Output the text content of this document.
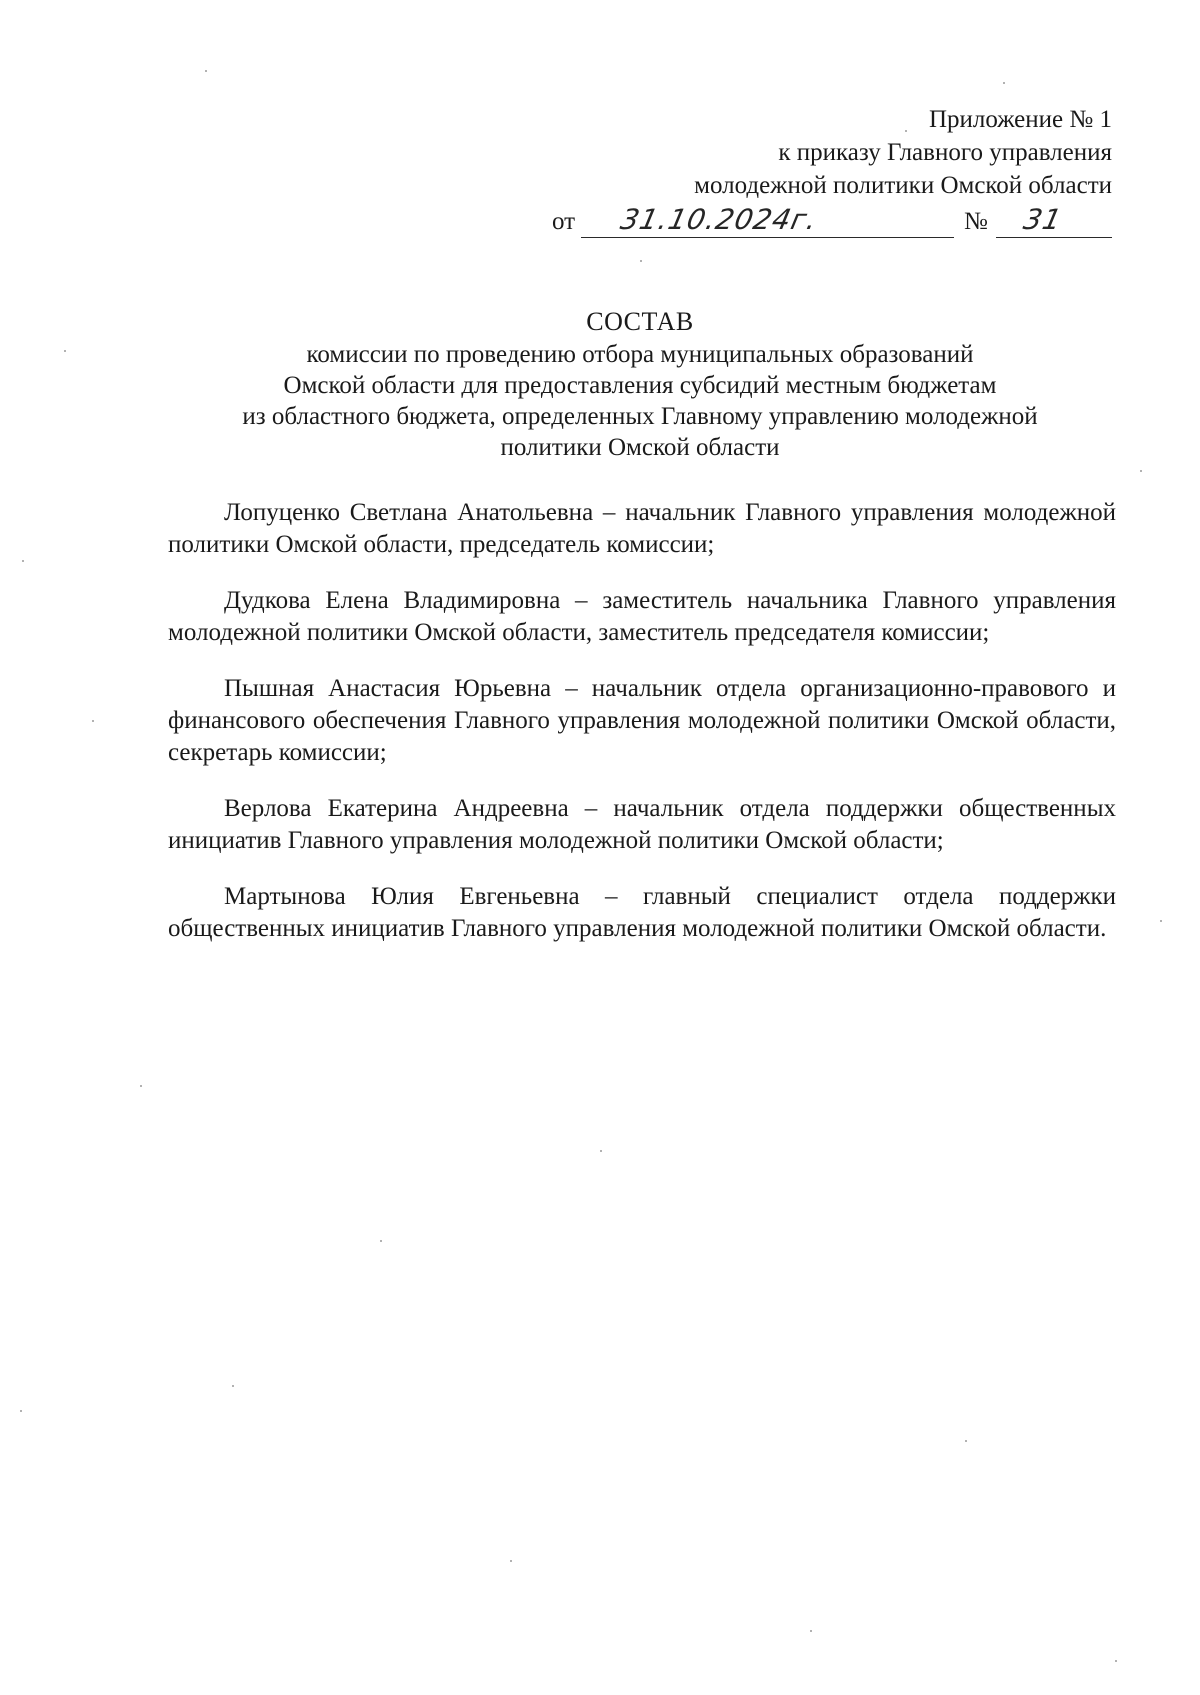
Приложение № 1
к приказу Главного управления
молодежной политики Омской области
от 31.10.2024г.	№ 31
СОСТАВ
комиссии по проведению отбора муниципальных образований
Омской области для предоставления субсидий местным бюджетам
из областного бюджета, определенных Главному управлению молодежной
политики Омской области

Лопуценко Светлана Анатольевна – начальник Главного управления молодежной политики Омской области, председатель комиссии;

Дудкова Елена Владимировна – заместитель начальника Главного управления молодежной политики Омской области, заместитель председателя комиссии;

Пышная Анастасия Юрьевна – начальник отдела организационно-правового и финансового обеспечения Главного управления молодежной политики Омской области, секретарь комиссии;

Верлова Екатерина Андреевна – начальник отдела поддержки общественных инициатив Главного управления молодежной политики Омской области;

Мартынова Юлия Евгеньевна – главный специалист отдела поддержки общественных инициатив Главного управления молодежной политики Омской области.
